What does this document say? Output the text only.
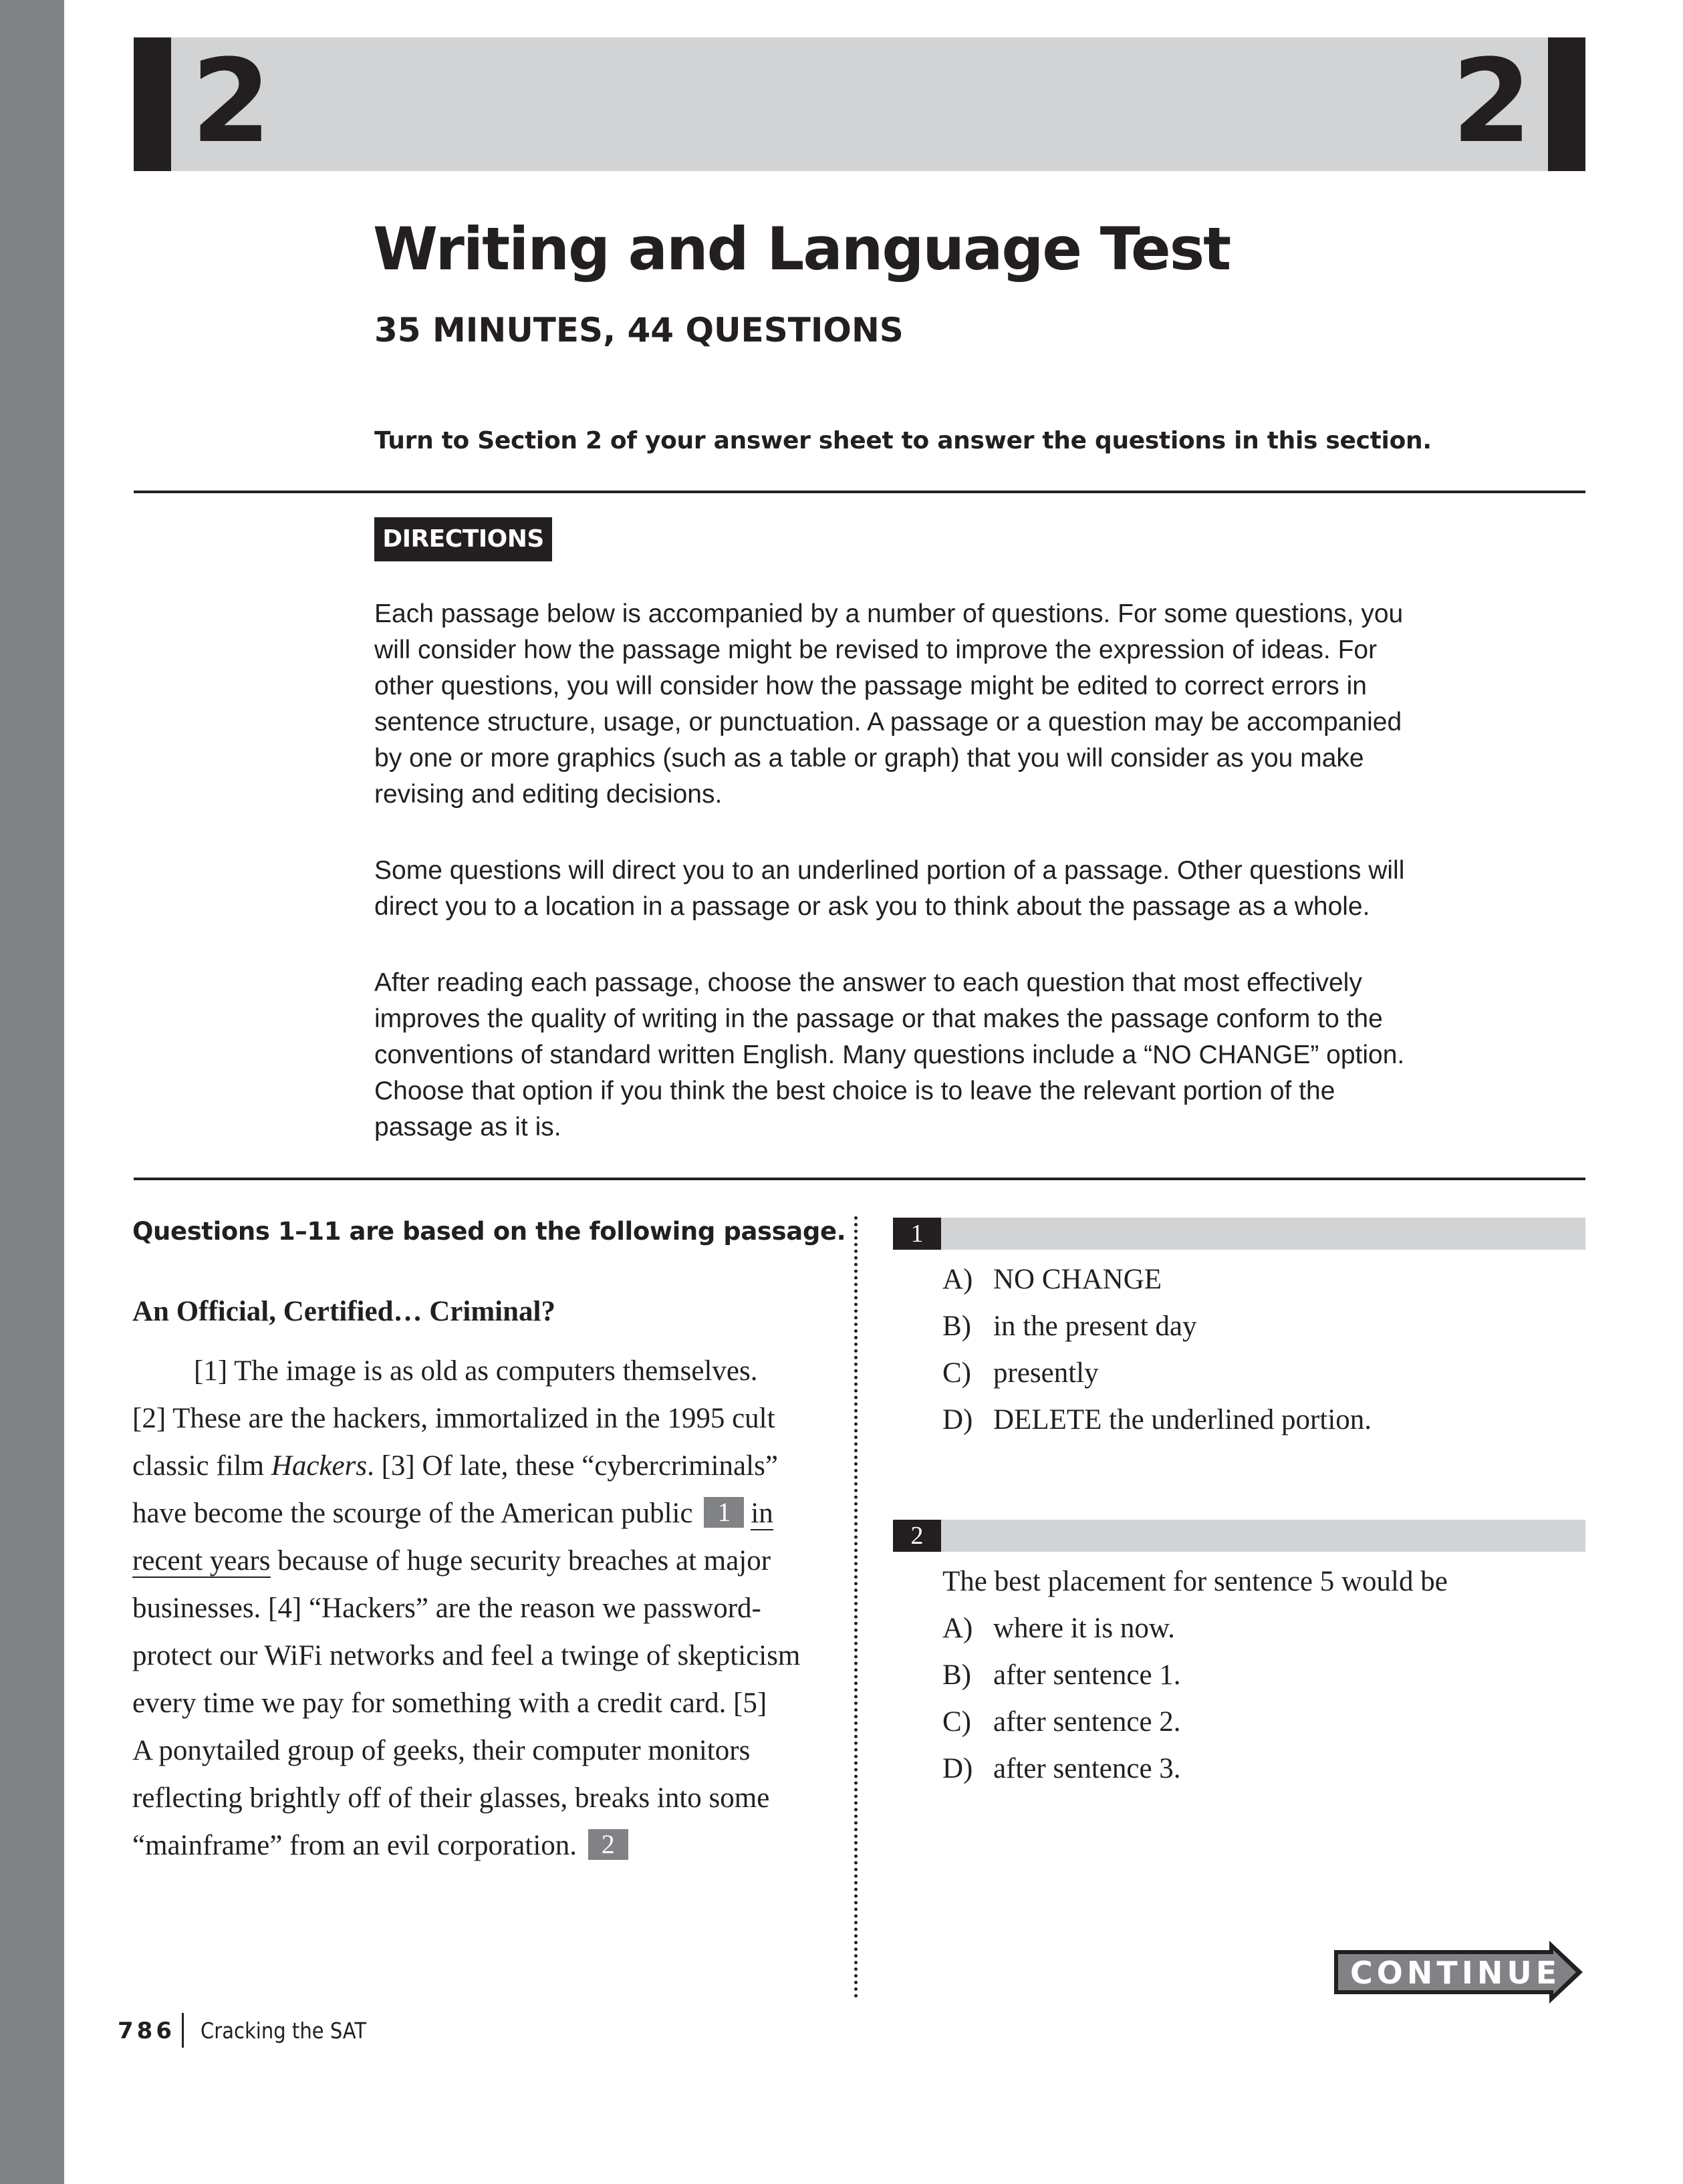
2	2
Writing and Language Test
35 MINUTES, 44 QUESTIONS
Turn to Section 2 of your answer sheet to answer the questions in this section.
DIRECTIONS

Each passage below is accompanied by a number of questions. For some questions, you will consider how the passage might be revised to improve the expression of ideas. For other questions, you will consider how the passage might be edited to correct errors in sentence structure, usage, or punctuation. A passage or a question may be accompanied by one or more graphics (such as a table or graph) that you will consider as you make revising and editing decisions.

Some questions will direct you to an underlined portion of a passage. Other questions will direct you to a location in a passage or ask you to think about the passage as a whole.

After reading each passage, choose the answer to each question that most effectively improves the quality of writing in the passage or that makes the passage conform to the conventions of standard written English. Many questions include a “NO CHANGE” option. Choose that option if you think the best choice is to leave the relevant portion of the passage as it is.

Questions 1–11 are based on the following passage.
An Official, Certified… Criminal?
[1] The image is as old as computers themselves.
[2] These are the hackers, immortalized in the 1995 cult
classic film Hackers. [3] Of late, these “cybercriminals”
have become the scourge of the American public 1 in
recent years because of huge security breaches at major
businesses. [4] “Hackers” are the reason we password-
protect our WiFi networks and feel a twinge of skepticism
every time we pay for something with a credit card. [5]
A ponytailed group of geeks, their computer monitors
reflecting brightly off of their glasses, breaks into some
“mainframe” from an evil corporation. 2
1
A) NO CHANGE
B) in the present day
C) presently
D) DELETE the underlined portion.
2
The best placement for sentence 5 would be
A) where it is now.
B) after sentence 1.
C) after sentence 2.
D) after sentence 3.
CONTINUE
786 Cracking the SAT
